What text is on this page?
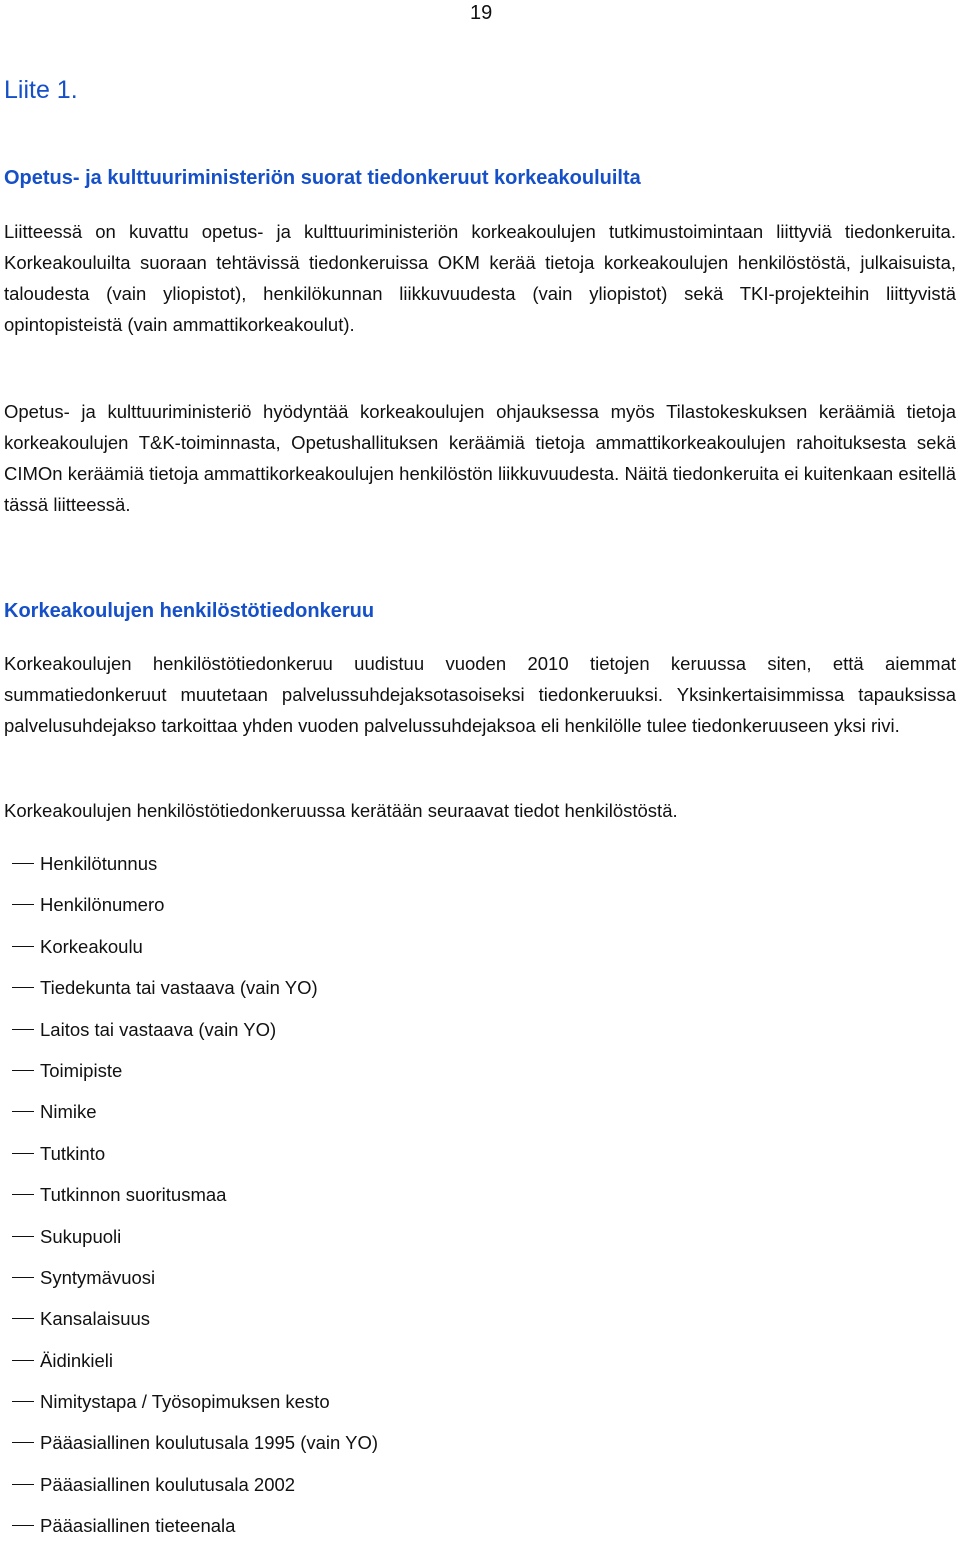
19
Liite 1.
Opetus- ja kulttuuriministeriön suorat tiedonkeruut korkeakouluilta

Liitteessä on kuvattu opetus- ja kulttuuriministeriön korkeakoulujen tutkimustoimintaan liittyviä tiedonkeruita. Korkeakouluilta suoraan tehtävissä tiedonkeruissa OKM kerää tietoja korkeakoulujen henkilöstöstä, julkaisuista, taloudesta (vain yliopistot), henkilökunnan liikkuvuudesta (vain yliopistot) sekä TKI-projekteihin liittyvistä opintopisteistä (vain ammattikorkeakoulut).

Opetus- ja kulttuuriministeriö hyödyntää korkeakoulujen ohjauksessa myös Tilastokeskuksen keräämiä tietoja korkeakoulujen T&K-toiminnasta, Opetushallituksen keräämiä tietoja ammattikorkeakoulujen rahoituksesta sekä CIMOn keräämiä tietoja ammattikorkeakoulujen henkilöstön liikkuvuudesta. Näitä tiedonkeruita ei kuitenkaan esitellä tässä liitteessä.

Korkeakoulujen henkilöstötiedonkeruu

Korkeakoulujen henkilöstötiedonkeruu uudistuu vuoden 2010 tietojen keruussa siten, että aiemmat summatiedonkeruut muutetaan palvelussuhdejaksotasoiseksi tiedonkeruuksi. Yksinkertaisimmissa tapauksissa palvelusuhdejakso tarkoittaa yhden vuoden palvelussuhdejaksoa eli henkilölle tulee tiedonkeruuseen yksi rivi.

Korkeakoulujen henkilöstötiedonkeruussa kerätään seuraavat tiedot henkilöstöstä.

Henkilötunnus
Henkilönumero
Korkeakoulu
Tiedekunta tai vastaava (vain YO)
Laitos tai vastaava (vain YO)
Toimipiste
Nimike
Tutkinto
Tutkinnon suoritusmaa
Sukupuoli
Syntymävuosi
Kansalaisuus
Äidinkieli
Nimitystapa / Työsopimuksen kesto
Pääasiallinen koulutusala 1995 (vain YO)
Pääasiallinen koulutusala 2002
Pääasiallinen tieteenala
